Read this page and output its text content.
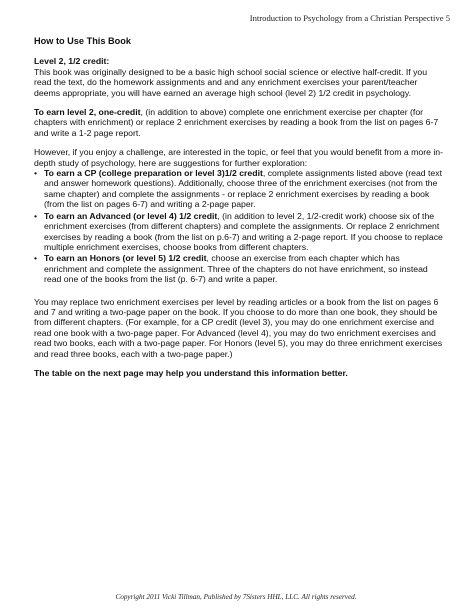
Introduction to Psychology from a Christian Perspective 5
How to Use This Book
Level 2, 1/2 credit:

This book was originally designed to be a basic high school social science or elective half-credit. If you read the text, do the homework assignments and and any enrichment exercises your parent/teacher deems appropriate, you will have earned an average high school (level 2) 1/2 credit in psychology.

To earn level 2, one-credit, (in addition to above) complete one enrichment exercise per chapter (for chapters with enrichment) or replace 2 enrichment exercises by reading a book from the list on pages 6-7 and write a 1-2 page report.

However, if you enjoy a challenge, are interested in the topic, or feel that you would benefit from a more in-depth study of psychology, here are suggestions for further exploration:

• To earn a CP (college preparation or level 3)1/2 credit, complete assignments listed above (read text and answer homework questions). Additionally, choose three of the enrichment exercises (not from the same chapter) and complete the assignments - or replace 2 enrichment exercises by reading a book (from the list on pages 6-7) and writing a 2-page paper.
• To earn an Advanced (or level 4) 1/2 credit, (in addition to level 2, 1/2-credit work) choose six of the enrichment exercises (from different chapters) and complete the assignments. Or replace 2 enrichment exercises by reading a book (from the list on p.6-7) and writing a 2-page report. If you choose to replace multiple enrichment exercises, choose books from different chapters.
• To earn an Honors (or level 5) 1/2 credit, choose an exercise from each chapter which has enrichment and complete the assignment. Three of the chapters do not have enrichment, so instead read one of the books from the list (p. 6-7) and write a paper.

You may replace two enrichment exercises per level by reading articles or a book from the list on pages 6 and 7 and writing a two-page paper on the book. If you choose to do more than one book, they should be from different chapters. (For example, for a CP credit (level 3), you may do one enrichment exercise and read one book with a two-page paper. For Advanced (level 4), you may do two enrichment exercises and read two books, each with a two-page paper. For Honors (level 5), you may do three enrichment exercises and read three books, each with a two-page paper.)

The table on the next page may help you understand this information better.

Copyright 2011 Vicki Tillman, Published by 7Sisters HHL, LLC. All rights reserved.
